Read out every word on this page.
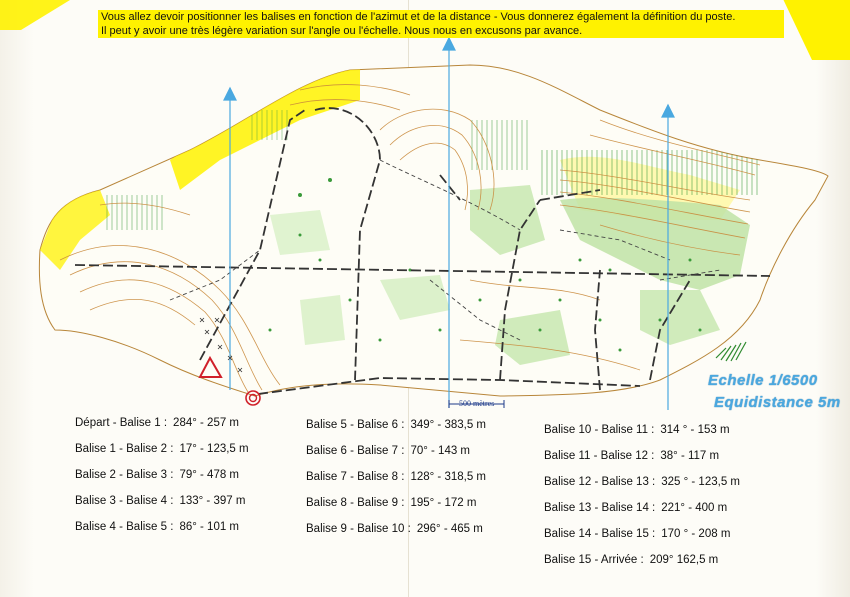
Vous allez devoir positionner les balises en fonction de l'azimut et de la distance - Vous donnerez également la définition du poste.
Il peut y avoir une très légère variation sur l'angle ou l'échelle. Nous nous en excusons par avance.
500 mètres
Echelle 1/6500
Equidistance 5m
Départ - Balise 1 : 284° - 257 m
Balise 1 - Balise 2 : 17° - 123,5 m
Balise 2 - Balise 3 : 79° - 478 m
Balise 3 - Balise 4 : 133° - 397 m
Balise 4 - Balise 5 : 86° - 101 m
Balise 5 - Balise 6 : 349° - 383,5 m
Balise 6 - Balise 7 : 70° - 143 m
Balise 7 - Balise 8 : 128° - 318,5 m
Balise 8 - Balise 9 : 195° - 172 m
Balise 9 - Balise 10 : 296° - 465 m
Balise 10 - Balise 11 : 314 ° - 153 m
Balise 11 - Balise 12 : 38° - 117 m
Balise 12 - Balise 13 : 325 ° - 123,5 m
Balise 13 - Balise 14 : 221° - 400 m
Balise 14 - Balise 15 : 170 ° - 208 m
Balise 15 - Arrivée : 209° 162,5 m
